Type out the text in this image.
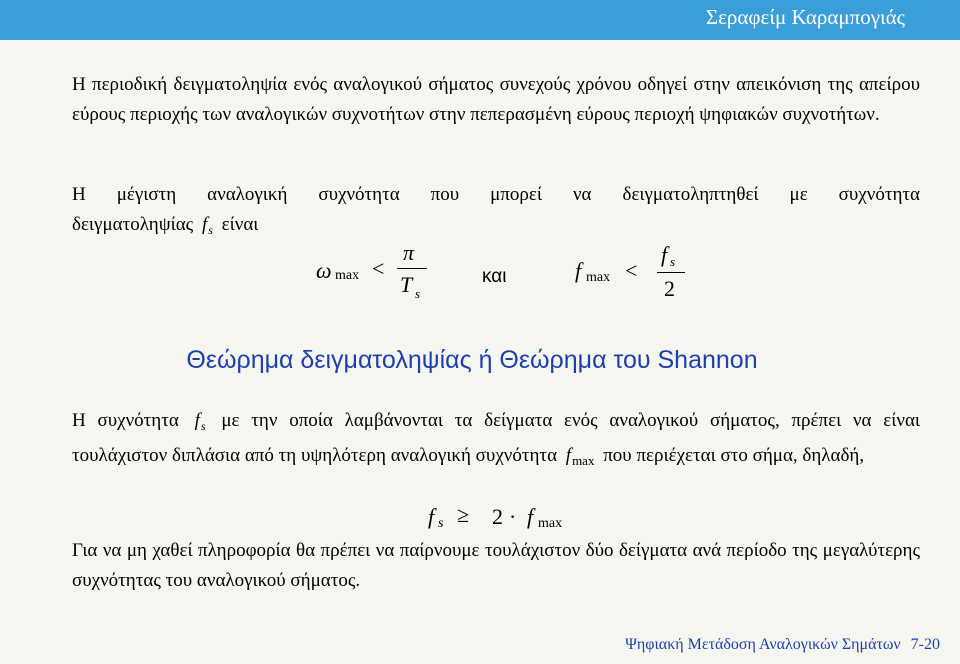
Σεραφείμ Καραμπογιάς
Η περιοδική δειγματοληψία ενός αναλογικού σήματος συνεχούς χρόνου οδηγεί στην απεικόνιση της απείρου εύρους περιοχής των αναλογικών συχνοτήτων στην πεπερασμένη εύρους περιοχή ψηφιακών συχνοτήτων.
Η μέγιστη αναλογική συχνότητα που μπορεί να δειγματοληπτηθεί με συχνότητα
δειγματοληψίας $f_s$ είναι
ω max <
π
T s
και	f max <
f s
2
Θεώρημα δειγματοληψίας ή Θεώρημα του Shannon
Η συχνότητα $f_s$ με την οποία λαμβάνονται τα δείγματα ενός αναλογικού σήματος, πρέπει να είναι τουλάχιστον διπλάσια από τη υψηλότερη αναλογική συχνότητα $f_{max}$ που περιέχεται στο σήμα, δηλαδή,
f s ≥ 2 · f max
Για να μη χαθεί πληροφορία θα πρέπει να παίρνουμε τουλάχιστον δύο δείγματα ανά περίοδο της μεγαλύτερης συχνότητας του αναλογικού σήματος.
Ψηφιακή Μετάδοση Αναλογικών Σημάτων 7-20
